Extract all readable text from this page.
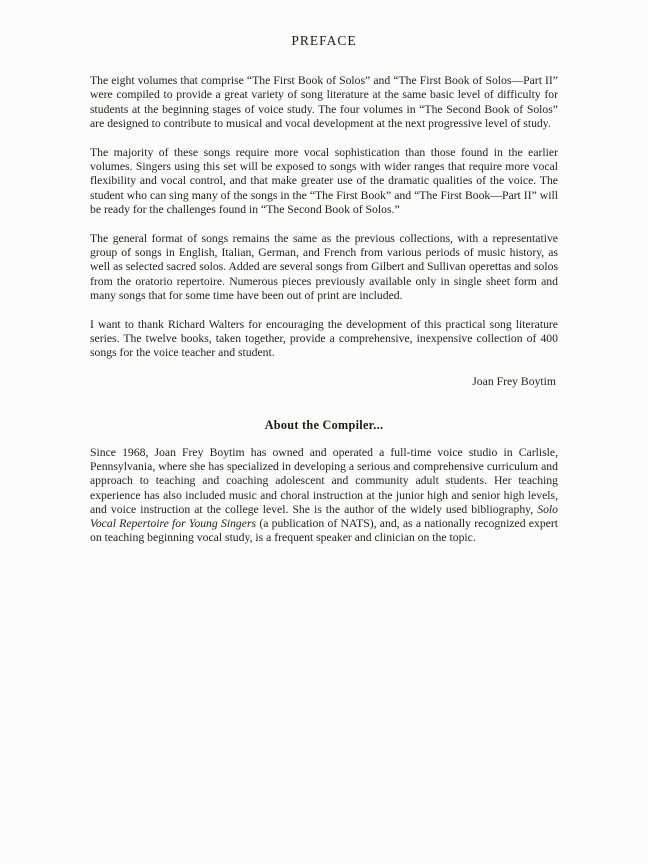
PREFACE

The eight volumes that comprise “The First Book of Solos” and “The First Book of Solos—Part II” were compiled to provide a great variety of song literature at the same basic level of difficulty for students at the beginning stages of voice study. The four volumes in “The Second Book of Solos” are designed to contribute to musical and vocal development at the next progressive level of study.

The majority of these songs require more vocal sophistication than those found in the earlier volumes. Singers using this set will be exposed to songs with wider ranges that require more vocal flexibility and vocal control, and that make greater use of the dramatic qualities of the voice. The student who can sing many of the songs in the “The First Book” and “The First Book—Part II” will be ready for the challenges found in “The Second Book of Solos.”

The general format of songs remains the same as the previous collections, with a representative group of songs in English, Italian, German, and French from various periods of music history, as well as selected sacred solos. Added are several songs from Gilbert and Sullivan operettas and solos from the oratorio repertoire. Numerous pieces previously available only in single sheet form and many songs that for some time have been out of print are included.

I want to thank Richard Walters for encouraging the development of this practical song literature series. The twelve books, taken together, provide a comprehensive, inexpensive collection of 400 songs for the voice teacher and student.

Joan Frey Boytim
About the Compiler...

Since 1968, Joan Frey Boytim has owned and operated a full-time voice studio in Carlisle, Pennsylvania, where she has specialized in developing a serious and comprehensive curriculum and approach to teaching and coaching adolescent and community adult students. Her teaching experience has also included music and choral instruction at the junior high and senior high levels, and voice instruction at the college level. She is the author of the widely used bibliography, Solo Vocal Repertoire for Young Singers (a publication of NATS), and, as a nationally recognized expert on teaching beginning vocal study, is a frequent speaker and clinician on the topic.
